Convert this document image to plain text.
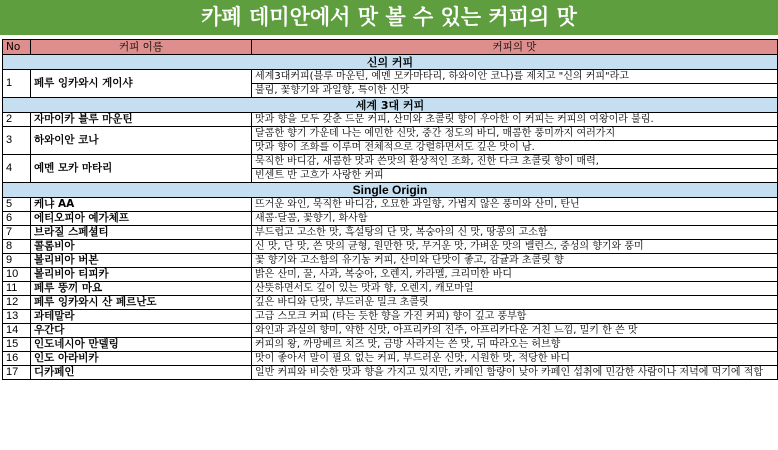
카페 데미안에서 맛 볼 수 있는 커피의 맛
No	커피 이름	커피의 맛
신의 커피		
1	페루 잉카와시 게이샤	세계3대커피(블루 마운틴, 예멘 모카마타리, 하와이안 코나)를 제치고 "신의 커피"라고
		불림, 꽃향기와 과일향, 특이한 신맛
세계 3대 커피		
2	자마이카 블루 마운틴	맛과 향을 모두 갖춘 드문 커피, 산미와 초콜릿 향이 우아한 이 커피는 커피의 여왕이라 불림.
3	하와이안 코나	달콤한 향기 가운데 나는 예민한 신맛, 중간 정도의 바디, 매콤한 풍미까지 여러가지
		맛과 향이 조화를 이루며 전체적으로 강렬하면서도 깊은 맛이 남.
4	예멘 모카 마타리	묵직한 바디감, 새콤한 맛과 쓴맛의 환상적인 조화, 진한 다크 초콜릿 향이 매력,
		빈센트 반 고흐가 사랑한 커피
Single Origin		
5	케냐 AA	뜨거운 와인, 묵직한 바디감, 오묘한 과일향, 가볍지 않은 풍미와 산미, 탄닌
6	에티오피아 예가체프	새콤·달콤, 꽃향기, 화사함
7	브라질 스페셜티	부드럽고 고소한 맛, 흑설탕의 단 맛, 복숭아의 신 맛, 땅콩의 고소함
8	콜롬비아	신 맛, 단 맛, 쓴 맛의 균형, 원만한 맛, 무거운 맛, 가벼운 맛의 밸런스, 중성의 향기와 풍미
9	볼리비아 버본	꽃 향기와 고소함의 유기농 커피, 산미와 단맛이 좋고, 감귤과 초콜릿 향
10	볼리비아 티피카	밝은 산미, 꿀, 사과, 복숭아, 오렌지, 카라멜, 크리미한 바디
11	페루 뚱끼 마요	산뜻하면서도 깊이 있는 맛과 향, 오렌지, 캐모마일
12	페루 잉카와시 산 페르난도	깊은 바디와 단맛, 부드러운 밀크 초콜릿
13	과테말라	고급 스모크 커피 (타는 듯한 향을 가진 커피) 향이 깊고 풍부함
14	우간다	와인과 과실의 향미, 약한 신맛, 아프리카의 진주, 아프리카다운 거친 느낌, 밀키 한 쓴 맛
15	인도네시아 만델링	커피의 왕, 까망베르 치즈 맛, 금방 사라지는 쓴 맛, 뒤 따라오는 허브향
16	인도 아라비카	맛이 좋아서 말이 필요 없는 커피, 부드러운 신맛, 시원한 맛, 적당한 바디
17	디카페인	일반 커피와 비슷한 맛과 향을 가지고 있지만, 카페인 함량이 낮아 카페인 섭취에 민감한 사람이나 저녁에 먹기에 적합
